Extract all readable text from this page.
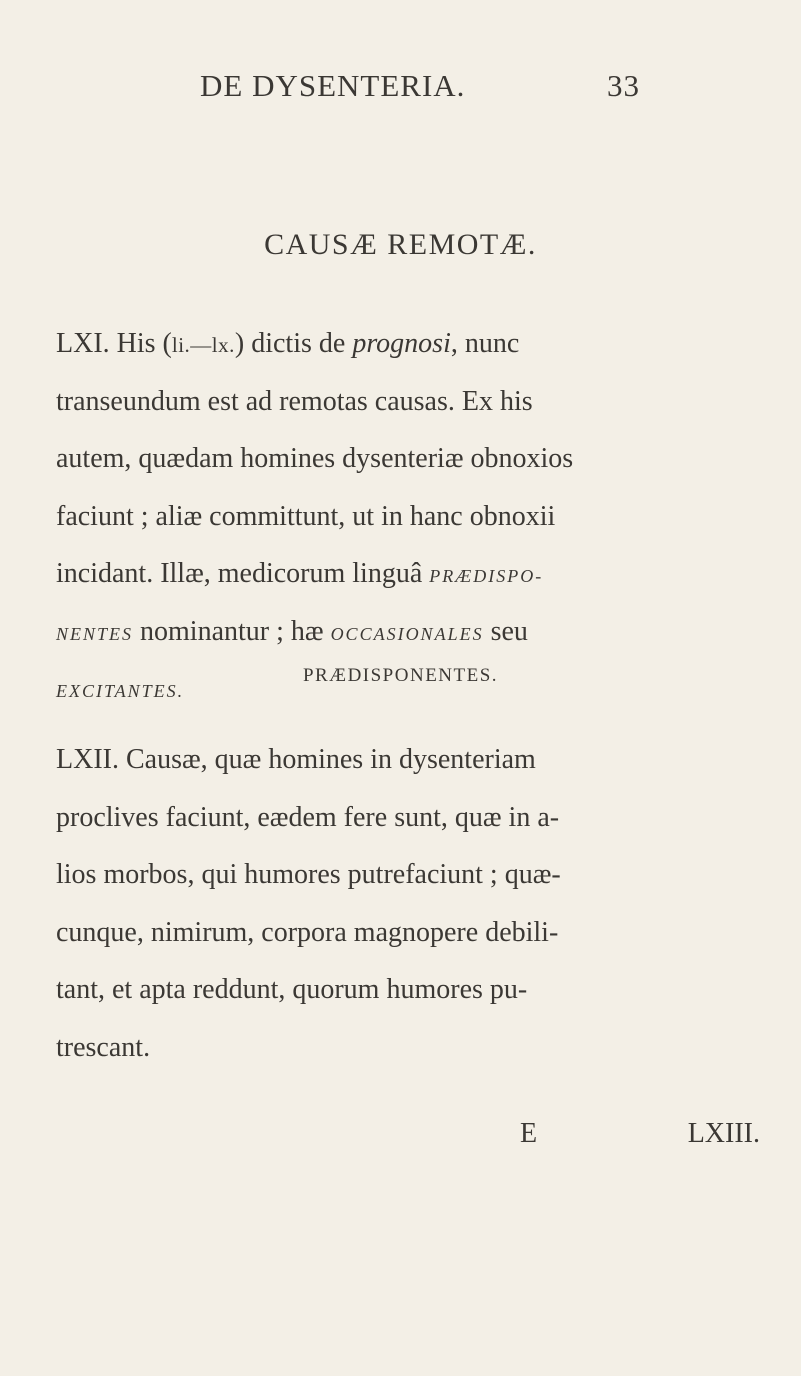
DE DYSENTERIA.	33
CAUSÆ REMOTÆ.
LXI. His (li.—lx.) dictis de prognosi, nunc
transeundum est ad remotas causas. Ex his
autem, quædam homines dysenteriæ obnoxios
faciunt ; aliæ committunt, ut in hanc obnoxii
incidant. Illæ, medicorum linguâ PRÆDISPO-
NENTES nominantur ; hæ OCCASIONALES seu
EXCITANTES.
PRÆDISPONENTES.
LXII. Causæ, quæ homines in dysenteriam
proclives faciunt, eædem fere sunt, quæ in a-
lios morbos, qui humores putrefaciunt ; quæ-
cunque, nimirum, corpora magnopere debili-
tant, et apta reddunt, quorum humores pu-
trescant.
E	LXIII.
